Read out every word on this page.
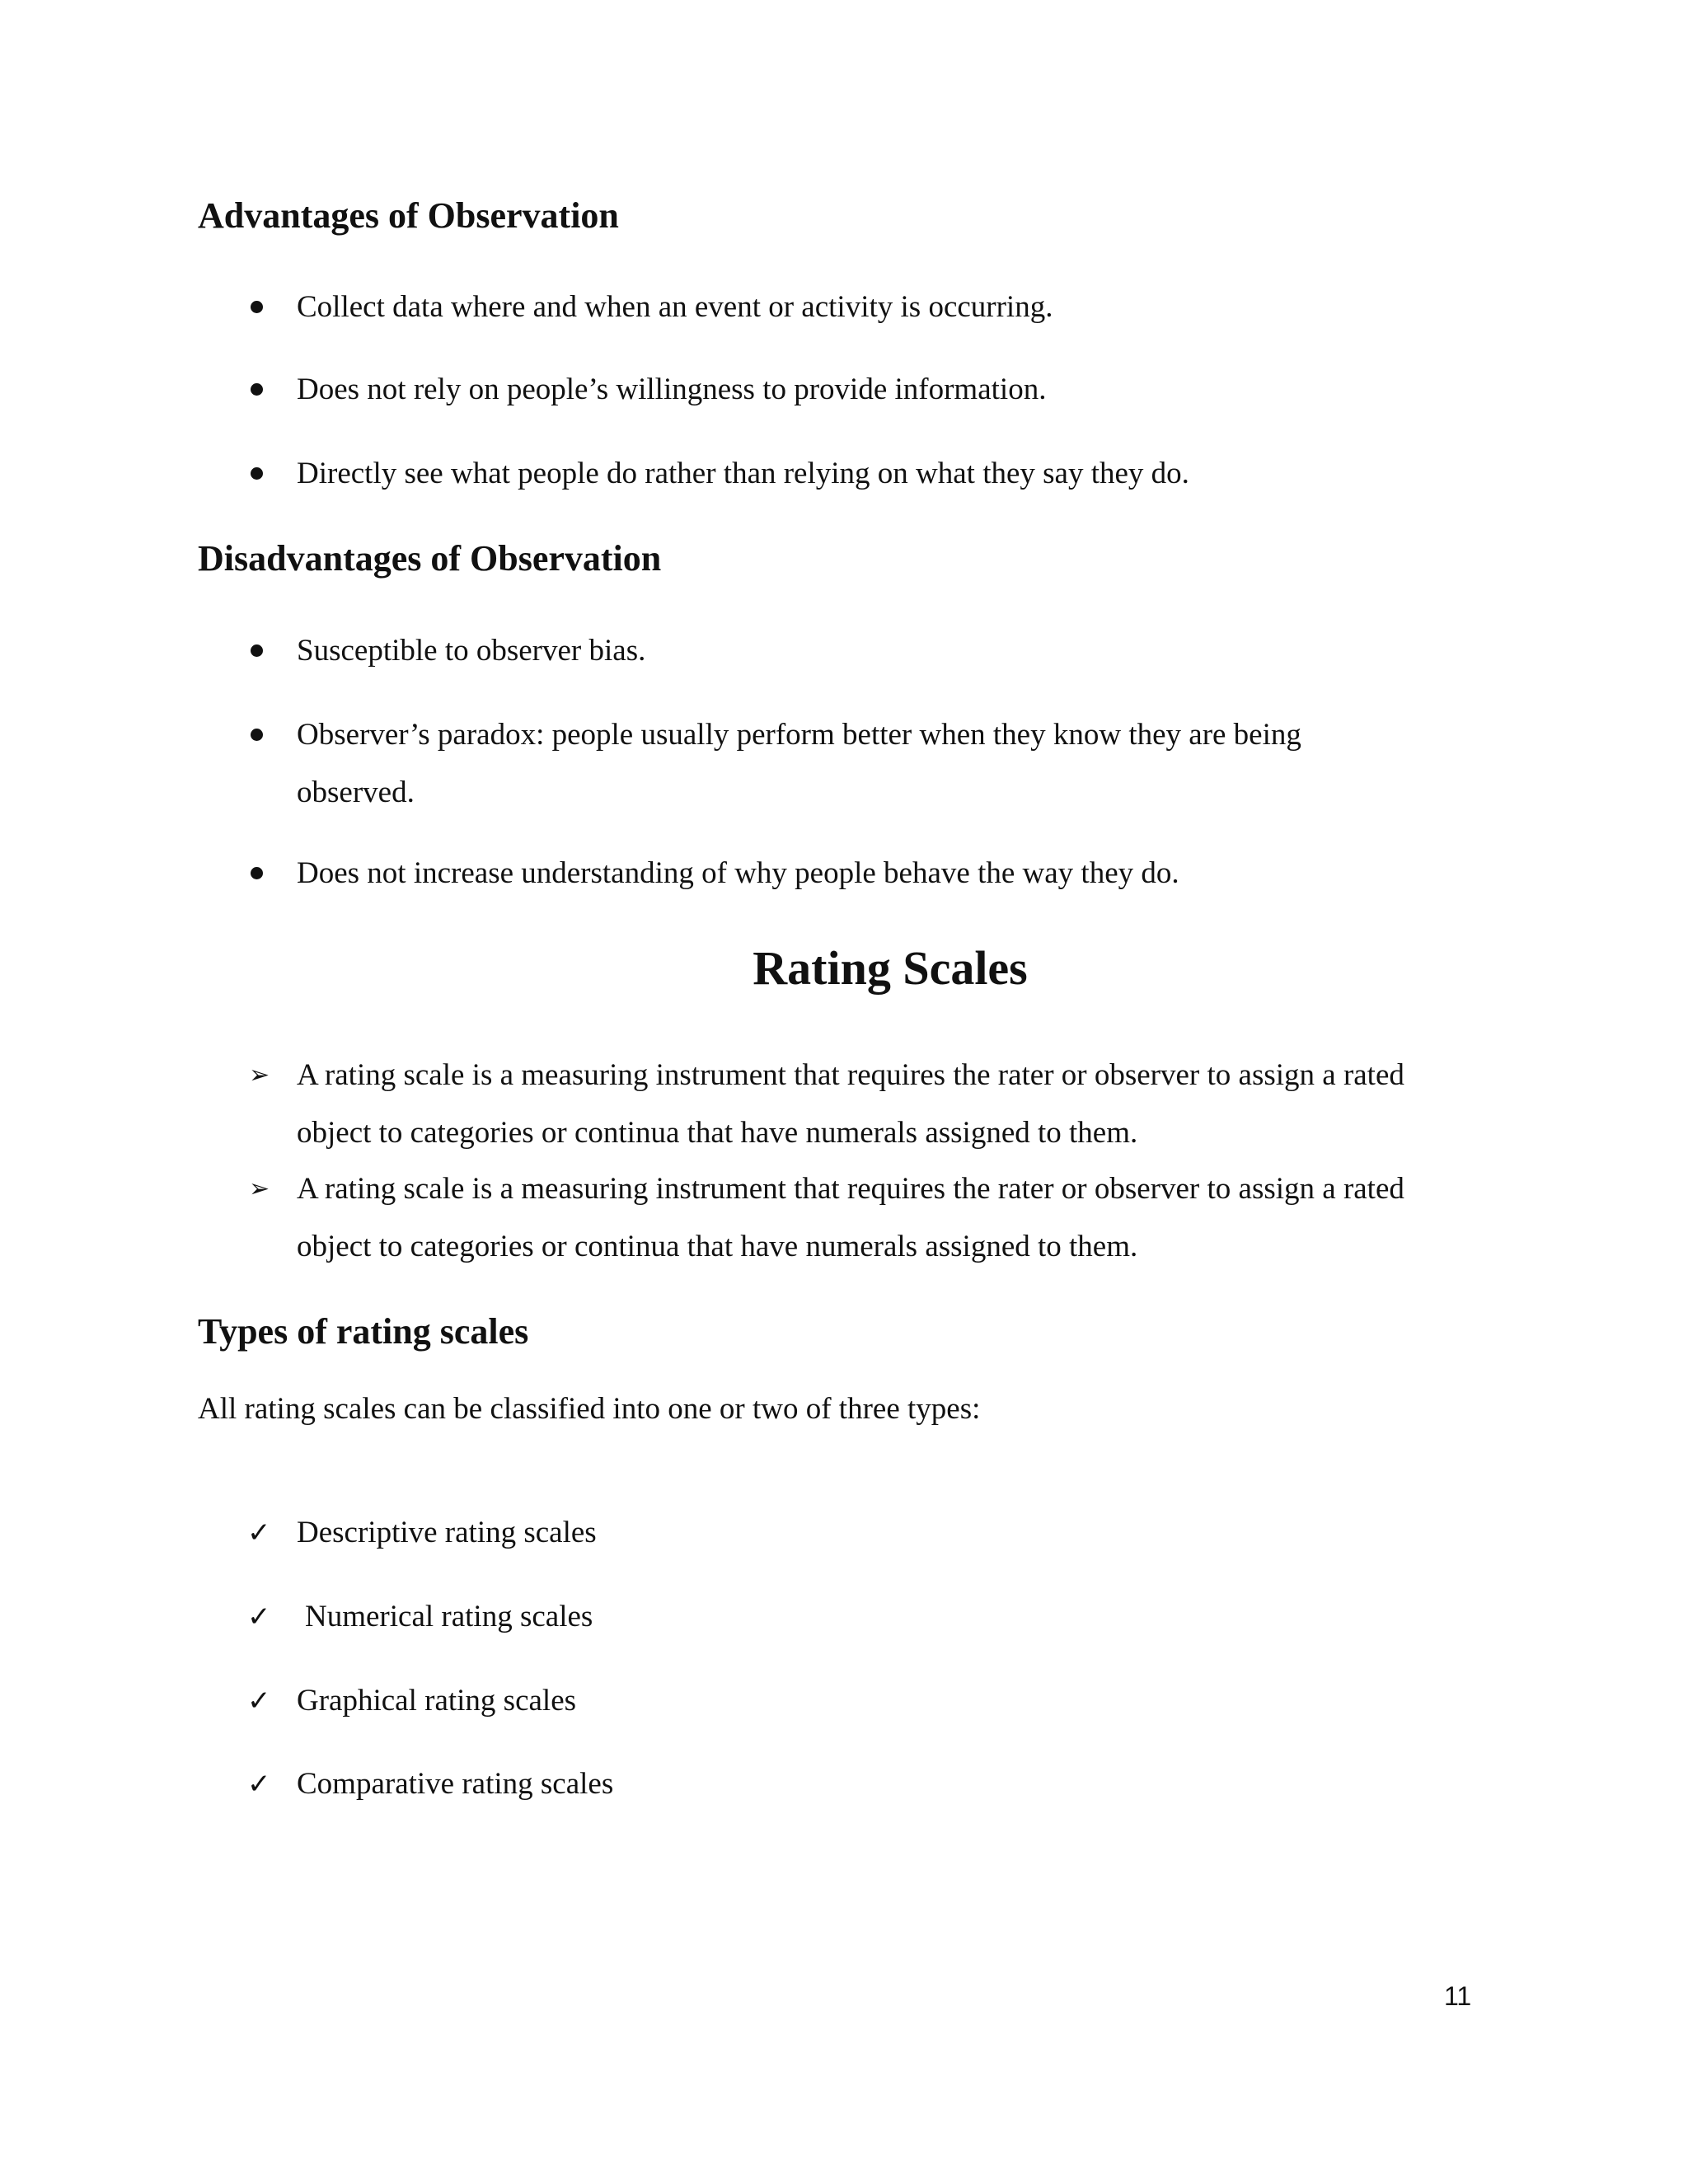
Advantages of Observation
Collect data where and when an event or activity is occurring.
Does not rely on people’s willingness to provide information.
Directly see what people do rather than relying on what they say they do.
Disadvantages of Observation
Susceptible to observer bias.
Observer’s paradox: people usually perform better when they know they are being observed.
Does not increase understanding of why people behave the way they do.
Rating Scales
➢ A rating scale is a measuring instrument that requires the rater or observer to assign a rated object to categories or continua that have numerals assigned to them.
➢ A rating scale is a measuring instrument that requires the rater or observer to assign a rated object to categories or continua that have numerals assigned to them.
Types of rating scales
All rating scales can be classified into one or two of three types:
✓ Descriptive rating scales
✓	Numerical rating scales
✓ Graphical rating scales
✓ Comparative rating scales
11
